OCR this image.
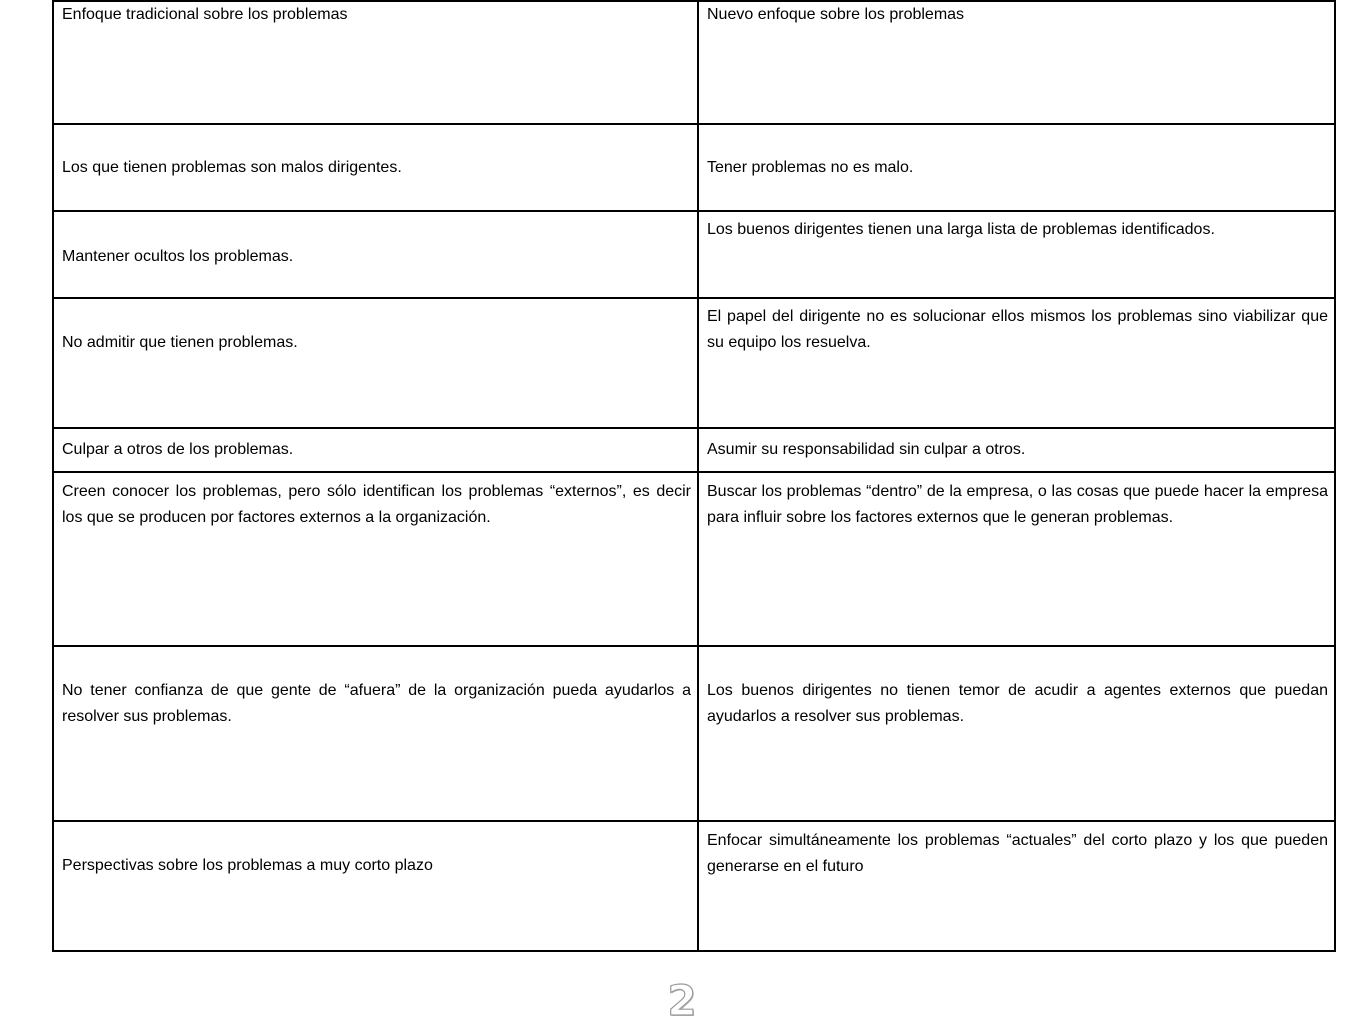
Enfoque tradicional sobre los problemas	Nuevo enfoque sobre los problemas
Los que tienen problemas son malos dirigentes.	Tener problemas no es malo.
Mantener ocultos los problemas.	Los buenos dirigentes tienen una larga lista de problemas identificados.
No admitir que tienen problemas.	El papel del dirigente no es solucionar ellos mismos los problemas sino viabilizar que su equipo los resuelva.
Culpar a otros de los problemas.	Asumir su responsabilidad sin culpar a otros.
Creen conocer los problemas, pero sólo identifican los problemas “externos”, es decir los que se producen por factores externos a la organización.	Buscar los problemas “dentro” de la empresa, o las cosas que puede hacer la empresa para influir sobre los factores externos que le generan problemas.
No tener confianza de que gente de “afuera” de la organización pueda ayudarlos a resolver sus problemas.	Los buenos dirigentes no tienen temor de acudir a agentes externos que puedan ayudarlos a resolver sus problemas.
Perspectivas sobre los problemas a muy corto plazo	Enfocar simultáneamente los problemas “actuales” del corto plazo y los que pueden generarse en el futuro
2
